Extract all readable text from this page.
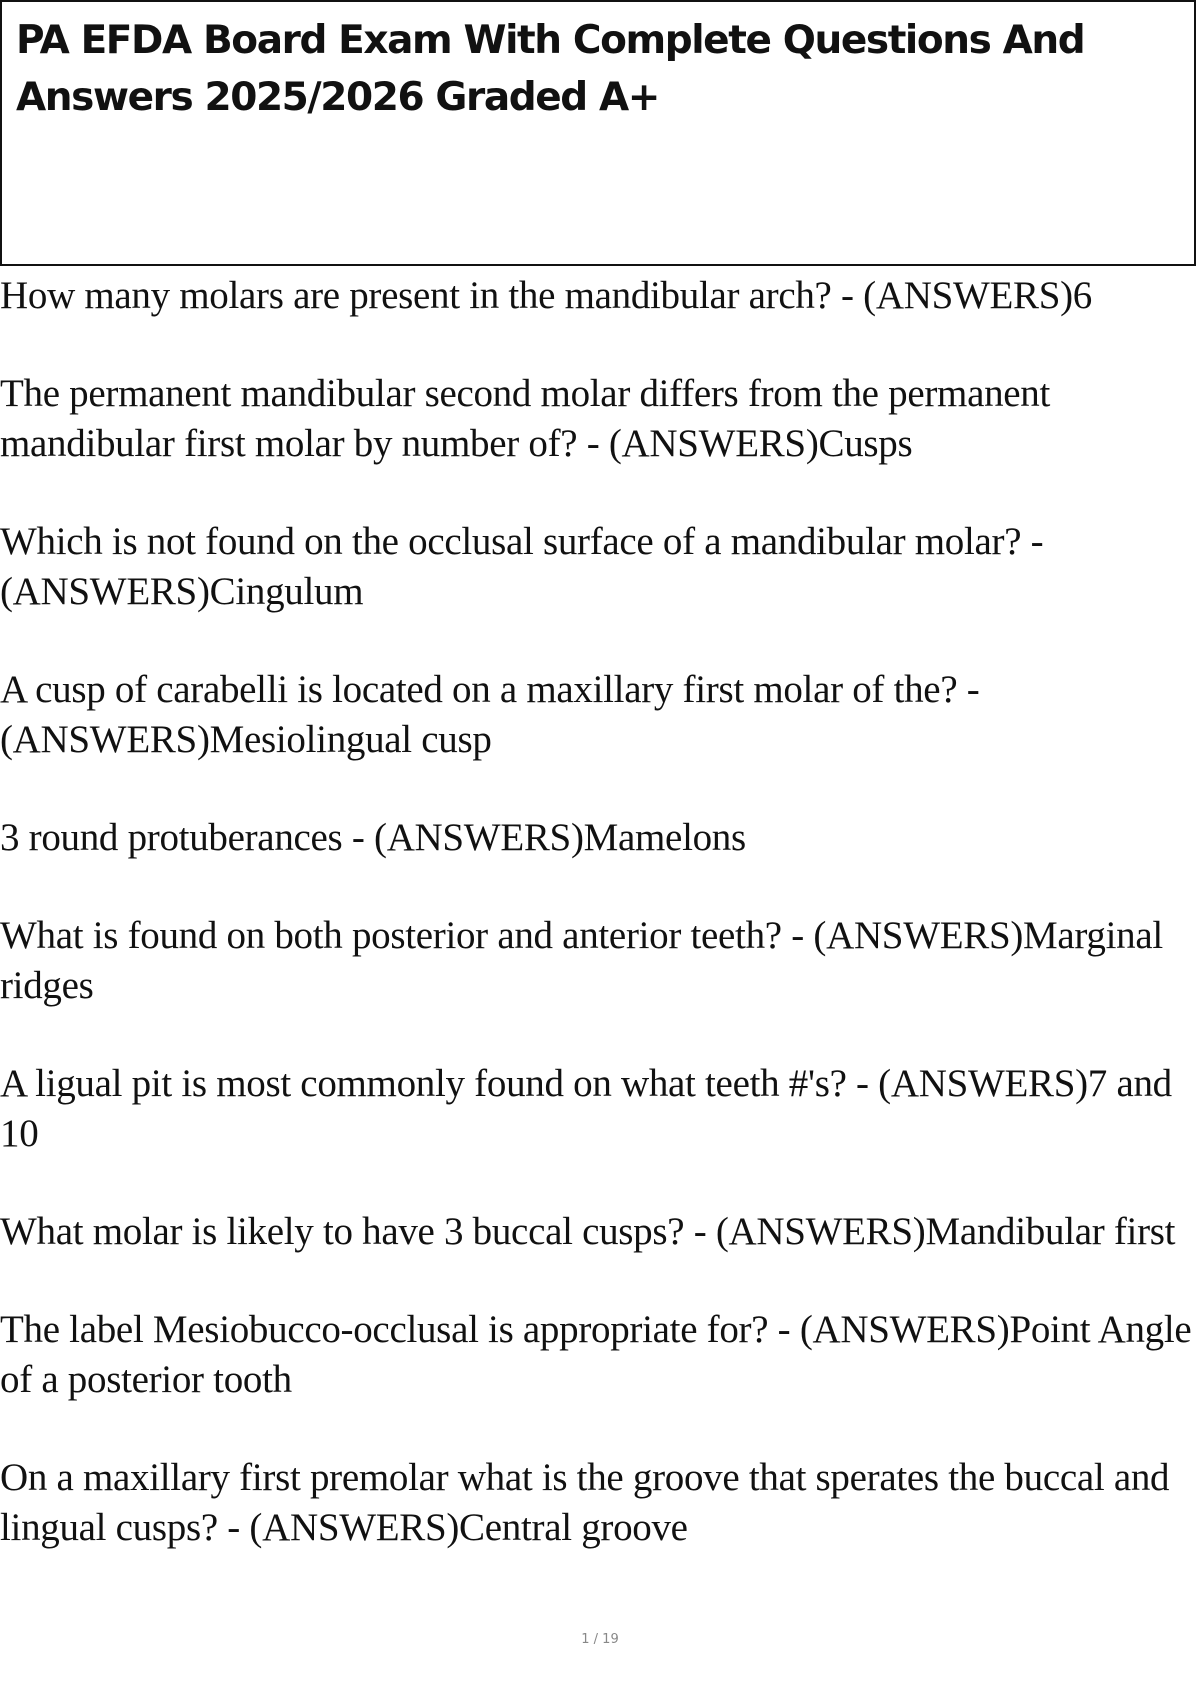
PA EFDA Board Exam With Complete Questions And Answers 2025/2026 Graded A+

How many molars are present in the mandibular arch? - (ANSWERS)6

The permanent mandibular second molar differs from the permanent mandibular first molar by number of? - (ANSWERS)Cusps

Which is not found on the occlusal surface of a mandibular molar? - (ANSWERS)Cingulum

A cusp of carabelli is located on a maxillary first molar of the? - (ANSWERS)Mesiolingual cusp

3 round protuberances - (ANSWERS)Mamelons

What is found on both posterior and anterior teeth? - (ANSWERS)Marginal ridges

A ligual pit is most commonly found on what teeth #'s? - (ANSWERS)7 and 10

What molar is likely to have 3 buccal cusps? - (ANSWERS)Mandibular first

The label Mesiobucco-occlusal is appropriate for? - (ANSWERS)Point Angle of a posterior tooth

On a maxillary first premolar what is the groove that sperates the buccal and lingual cusps? - (ANSWERS)Central groove

1 / 19
